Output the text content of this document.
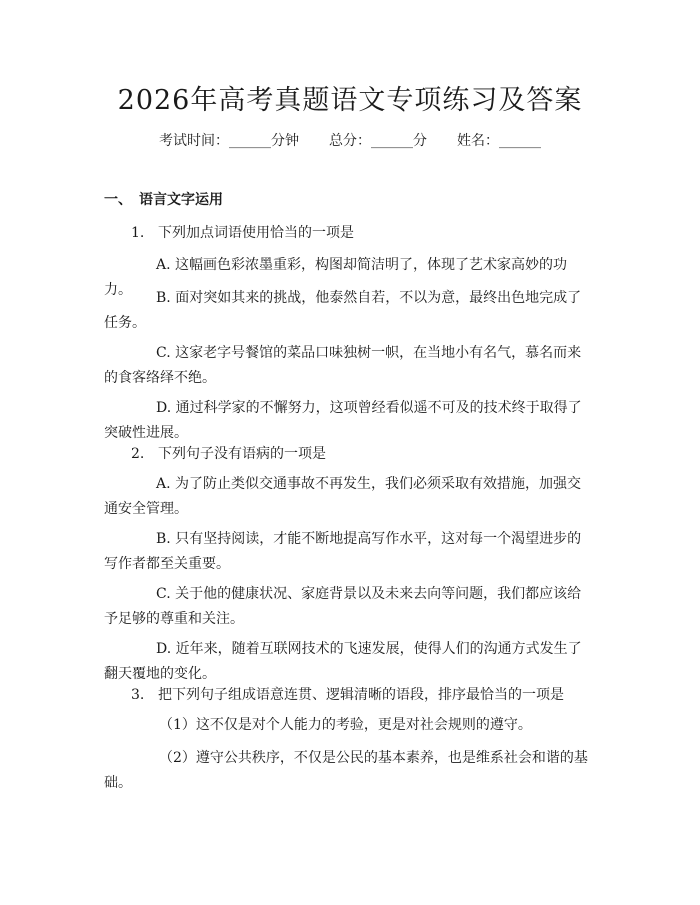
2026年高考真题语文专项练习及答案
考试时间：______分钟 总分：______分 姓名：______
一、 语言文字运用
1. 下列加点词语使用恰当的一项是
A. 这幅画色彩浓墨重彩，构图却简洁明了，体现了艺术家高妙的功力。	B. 面对突如其来的挑战，他泰然自若，不以为意，最终出色地完成了任务。
C. 这家老字号餐馆的菜品口味独树一帜，在当地小有名气，慕名而来的食客络绎不绝。
D. 通过科学家的不懈努力，这项曾经看似遥不可及的技术终于取得了突破性进展。
2. 下列句子没有语病的一项是
A. 为了防止类似交通事故不再发生，我们必须采取有效措施，加强交通安全管理。
B. 只有坚持阅读，才能不断地提高写作水平，这对每一个渴望进步的写作者都至关重要。
C. 关于他的健康状况、家庭背景以及未来去向等问题，我们都应该给予足够的尊重和关注。
D. 近年来，随着互联网技术的飞速发展，使得人们的沟通方式发生了翻天覆地的变化。
3. 把下列句子组成语意连贯、逻辑清晰的语段，排序最恰当的一项是
（1）这不仅是对个人能力的考验，更是对社会规则的遵守。
（2）遵守公共秩序，不仅是公民的基本素养，也是维系社会和谐的基础。
